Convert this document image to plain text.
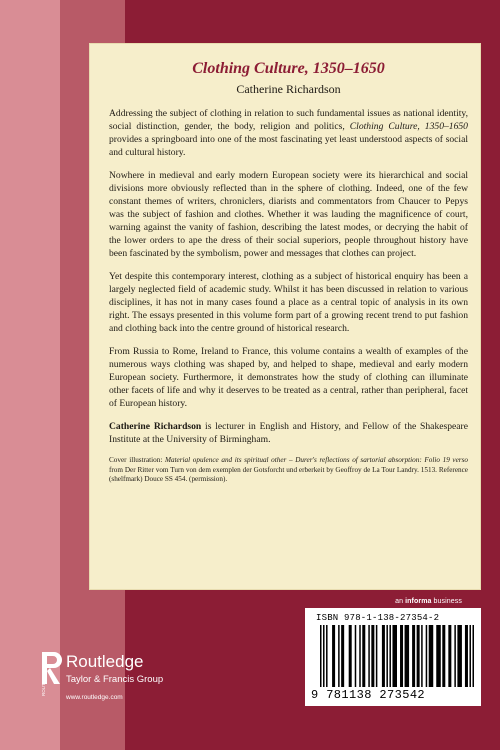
Clothing Culture, 1350–1650
Catherine Richardson

Addressing the subject of clothing in relation to such fundamental issues as national identity, social distinction, gender, the body, religion and politics, Clothing Culture, 1350–1650 provides a springboard into one of the most fascinating yet least understood aspects of social and cultural history.

Nowhere in medieval and early modern European society were its hierarchical and social divisions more obviously reflected than in the sphere of clothing. Indeed, one of the few constant themes of writers, chroniclers, diarists and commentators from Chaucer to Pepys was the subject of fashion and clothes. Whether it was lauding the magnificence of court, warning against the vanity of fashion, describing the latest modes, or decrying the habit of the lower orders to ape the dress of their social superiors, people throughout history have been fascinated by the symbolism, power and messages that clothes can project.

Yet despite this contemporary interest, clothing as a subject of historical enquiry has been a largely neglected field of academic study. Whilst it has been discussed in relation to various disciplines, it has not in many cases found a place as a central topic of analysis in its own right. The essays presented in this volume form part of a growing recent trend to put fashion and clothing back into the centre ground of historical research.

From Russia to Rome, Ireland to France, this volume contains a wealth of examples of the numerous ways clothing was shaped by, and helped to shape, medieval and early modern European society. Furthermore, it demonstrates how the study of clothing can illuminate other facets of life and why it deserves to be treated as a central, rather than peripheral, facet of European history.

Catherine Richardson is lecturer in English and History, and Fellow of the Shakespeare Institute at the University of Birmingham.

Cover illustration: Material opulence and its spiritual other – Durer's reflections of sartorial absorption: Folio 19 verso from Der Ritter vom Turn von dem exemplen der Gotsforcht und erberkeit by Geoffroy de La Tour Landry. 1513. Reference (shelfmark) Douce SS 454. (permission).

an informa business
ISBN 978-1-138-27354-2
9 781138 273542
ROUTLEDGE
Routledge
Taylor & Francis Group
www.routledge.com
